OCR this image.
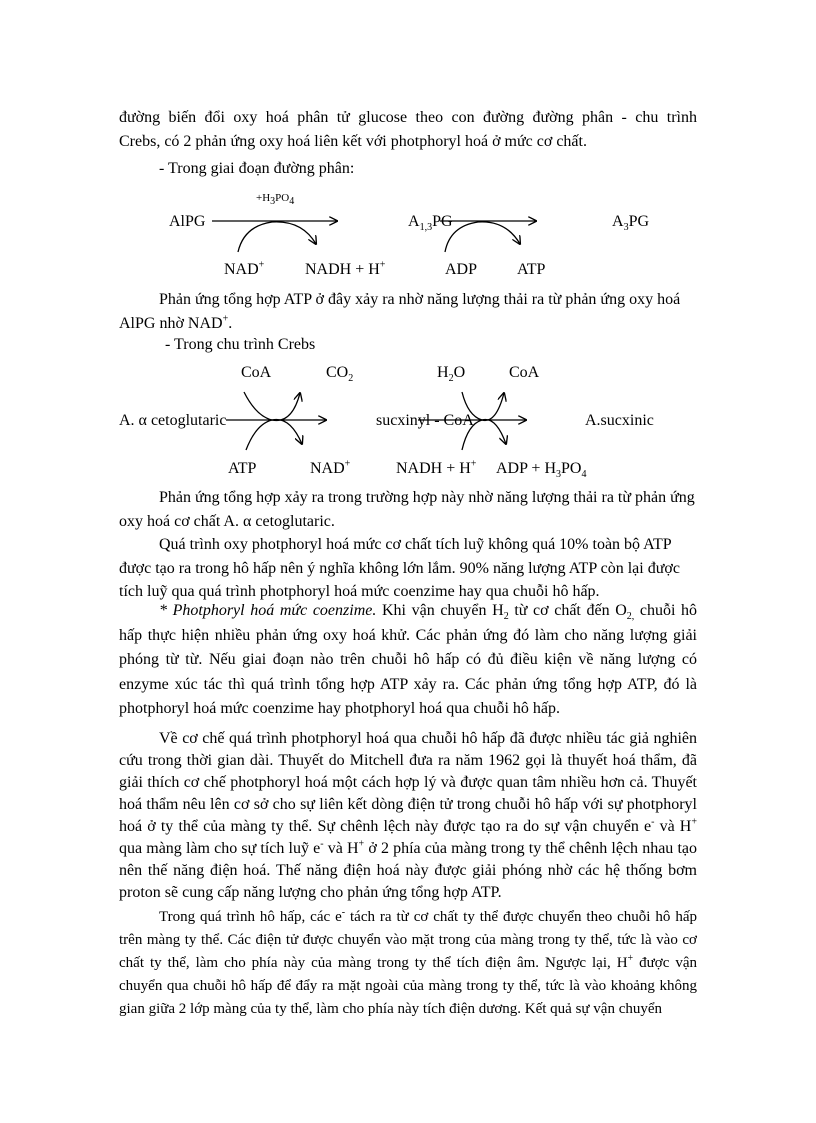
đường biến đổi oxy hoá phân tử glucose theo con đường đường phân - chu trình
Crebs, có 2 phản ứng oxy hoá liên kết với photphoryl hoá ở mức cơ chất.
- Trong giai đoạn đường phân:
$+H_3PO_4$
AlPG	$A_{1,3}PG$	$A_3PG$
NAD+	NADH + H+	ADP ATP
Phản ứng tổng hợp ATP ở đây xảy ra nhờ năng lượng thải ra từ phản ứng oxy hoá
AlPG nhờ NAD+.
- Trong chu trình Crebs
CoA	$CO_2$	$H_2O$	CoA
A. α cetoglutaric	sucxinyl - CoA	A.sucxinic
ATP	NAD+	NADH + H+ ADP + $H_3PO_4$
Phản ứng tổng hợp xảy ra trong trường hợp này nhờ năng lượng thải ra từ phản ứng
oxy hoá cơ chất A. α cetoglutaric.
Quá trình oxy photphoryl hoá mức cơ chất tích luỹ không quá 10% toàn bộ ATP
được tạo ra trong hô hấp nên ý nghĩa không lớn lắm. 90% năng lượng ATP còn lại được
tích luỹ qua quá trình photphoryl hoá mức coenzime hay qua chuỗi hô hấp.

* Photphoryl hoá mức coenzime. Khi vận chuyển $H_2$ từ cơ chất đến $O_{2,}$ chuỗi hô hấp thực hiện nhiều phản ứng oxy hoá khử. Các phản ứng đó làm cho năng lượng giải phóng từ từ. Nếu giai đoạn nào trên chuỗi hô hấp có đủ điều kiện về năng lượng có enzyme xúc tác thì quá trình tổng hợp ATP xảy ra. Các phản ứng tổng hợp ATP, đó là photphoryl hoá mức coenzime hay photphoryl hoá qua chuỗi hô hấp.

Về cơ chế quá trình photphoryl hoá qua chuỗi hô hấp đã được nhiều tác giả nghiên cứu trong thời gian dài. Thuyết do Mitchell đưa ra năm 1962 gọi là thuyết hoá thẩm, đã giải thích cơ chế photphoryl hoá một cách hợp lý và được quan tâm nhiều hơn cả. Thuyết hoá thẩm nêu lên cơ sở cho sự liên kết dòng điện tử trong chuỗi hô hấp với sự photphoryl hoá ở ty thể của màng ty thể. Sự chênh lệch này được tạo ra do sự vận chuyển e- và H+ qua màng làm cho sự tích luỹ e- và H+ ở 2 phía của màng trong ty thể chênh lệch nhau tạo nên thế năng điện hoá. Thế năng điện hoá này được giải phóng nhờ các hệ thống bơm proton sẽ cung cấp năng lượng cho phản ứng tổng hợp ATP.

Trong quá trình hô hấp, các e- tách ra từ cơ chất ty thể được chuyển theo chuỗi hô hấp trên màng ty thể. Các điện tử được chuyển vào mặt trong của màng trong ty thể, tức là vào cơ chất ty thể, làm cho phía này của màng trong ty thể tích điện âm. Ngược lại, H+ được vận chuyển qua chuỗi hô hấp để đẩy ra mặt ngoài của màng trong ty thể, tức là vào khoảng không gian giữa 2 lớp màng của ty thể, làm cho phía này tích điện dương. Kết quả sự vận chuyển
